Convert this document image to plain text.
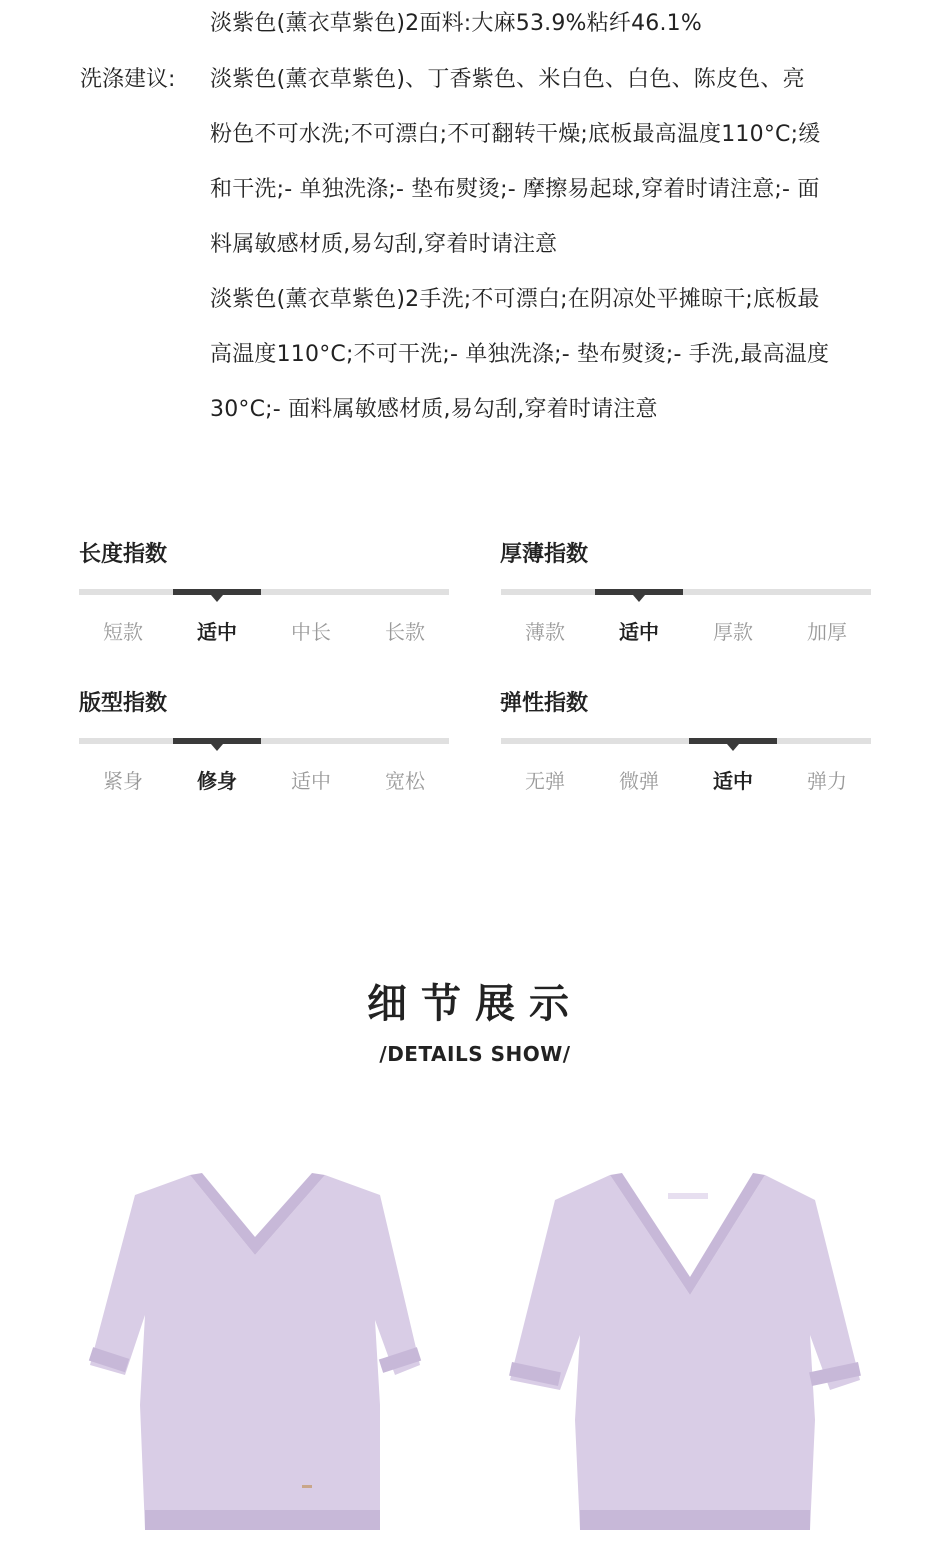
淡紫色(薰衣草紫色)2面料:大麻53.9%粘纤46.1%
洗涤建议: 淡紫色(薰衣草紫色)、丁香紫色、米白色、白色、陈皮色、亮
粉色不可水洗;不可漂白;不可翻转干燥;底板最高温度110°C;缓
和干洗;- 单独洗涤;- 垫布熨烫;- 摩擦易起球,穿着时请注意;- 面
料属敏感材质,易勾刮,穿着时请注意
淡紫色(薰衣草紫色)2手洗;不可漂白;在阴凉处平摊晾干;底板最
高温度110°C;不可干洗;- 单独洗涤;- 垫布熨烫;- 手洗,最高温度
30°C;- 面料属敏感材质,易勾刮,穿着时请注意
长度指数
短款	适中	中长	长款
厚薄指数
薄款	适中	厚款	加厚
版型指数
紧身	修身	适中	宽松
弹性指数
无弹	微弹	适中	弹力
细节展示
/DETAILS SHOW/
